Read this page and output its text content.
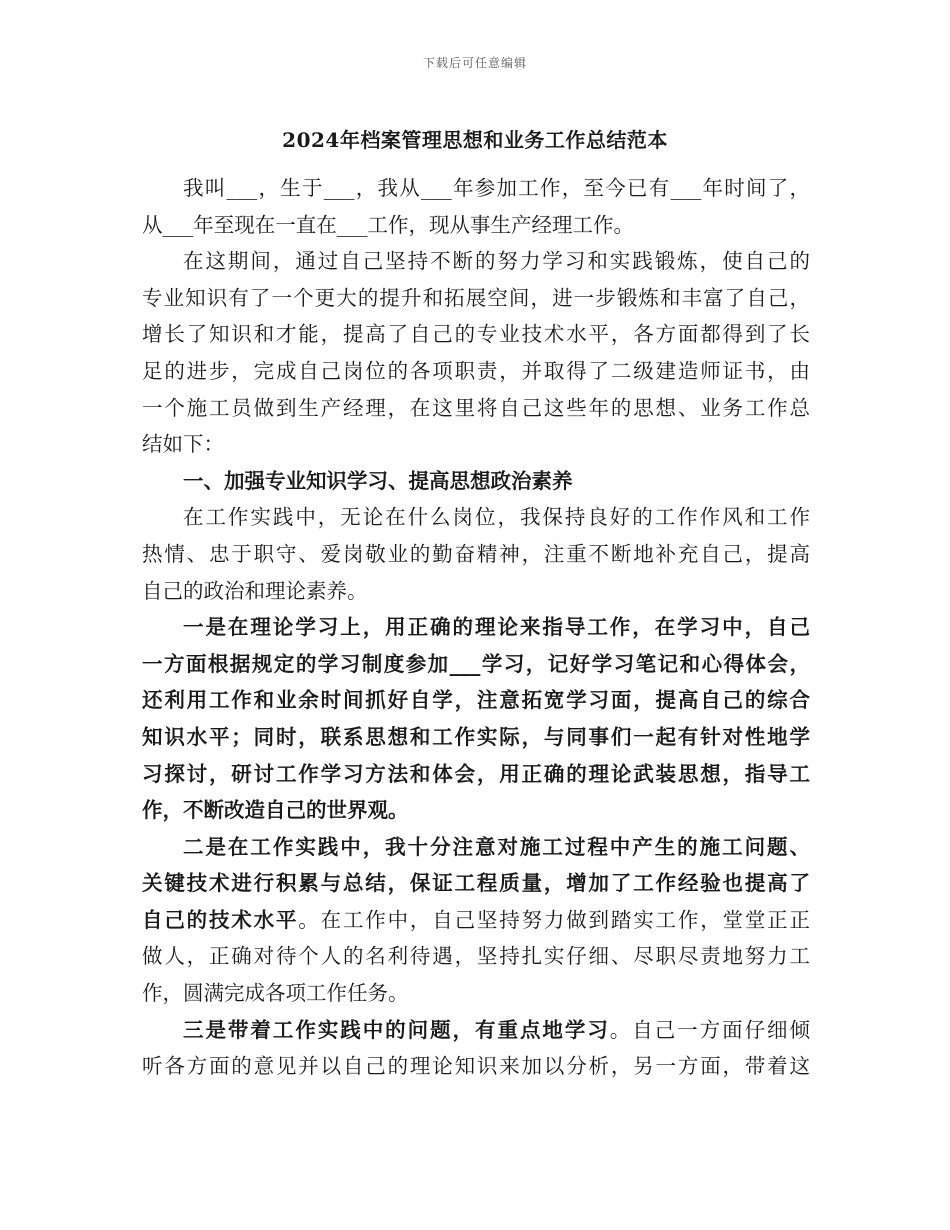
下载后可任意编辑
2024年档案管理思想和业务工作总结范本
我叫___，生于___，我从___年参加工作，至今已有___年时间了，
从___年至现在一直在___工作，现从事生产经理工作。
在这期间，通过自己坚持不断的努力学习和实践锻炼，使自己的
专业知识有了一个更大的提升和拓展空间，进一步锻炼和丰富了自己，
增长了知识和才能，提高了自己的专业技术水平，各方面都得到了长
足的进步，完成自己岗位的各项职责，并取得了二级建造师证书，由
一个施工员做到生产经理，在这里将自己这些年的思想、业务工作总
结如下：
一、加强专业知识学习、提高思想政治素养
在工作实践中，无论在什么岗位，我保持良好的工作作风和工作
热情、忠于职守、爱岗敬业的勤奋精神，注重不断地补充自己，提高
自己的政治和理论素养。
一是在理论学习上，用正确的理论来指导工作，在学习中，自己
一方面根据规定的学习制度参加___学习，记好学习笔记和心得体会，
还利用工作和业余时间抓好自学，注意拓宽学习面，提高自己的综合
知识水平；同时，联系思想和工作实际，与同事们一起有针对性地学
习探讨，研讨工作学习方法和体会，用正确的理论武装思想，指导工
作，不断改造自己的世界观。
二是在工作实践中，我十分注意对施工过程中产生的施工问题、
关键技术进行积累与总结，保证工程质量，增加了工作经验也提高了
自己的技术水平。在工作中，自己坚持努力做到踏实工作，堂堂正正
做人，正确对待个人的名利待遇，坚持扎实仔细、尽职尽责地努力工
作，圆满完成各项工作任务。
三是带着工作实践中的问题，有重点地学习。自己一方面仔细倾
听各方面的意见并以自己的理论知识来加以分析，另一方面，带着这
